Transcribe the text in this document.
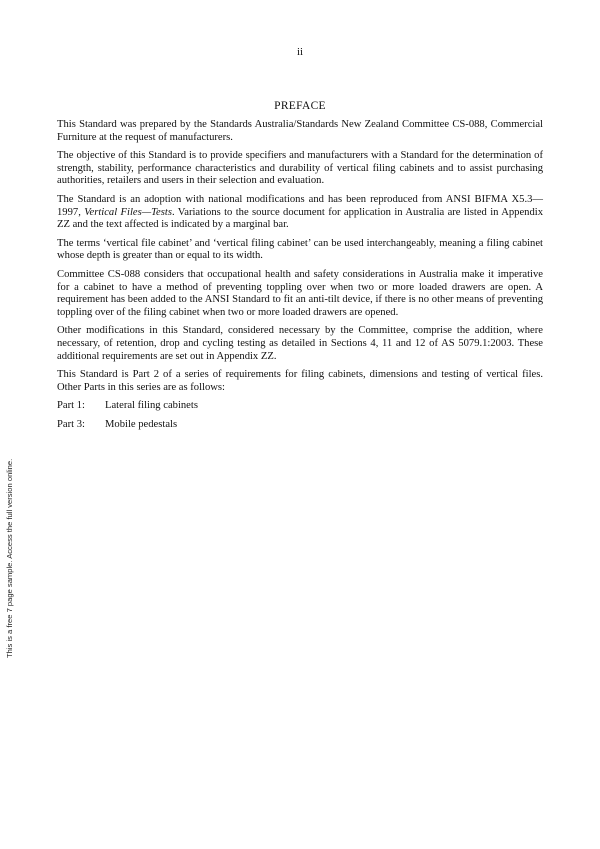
ii
This is a free 7 page sample. Access the full version online.
PREFACE

This Standard was prepared by the Standards Australia/Standards New Zealand Committee CS-088, Commercial Furniture at the request of manufacturers.

The objective of this Standard is to provide specifiers and manufacturers with a Standard for the determination of strength, stability, performance characteristics and durability of vertical filing cabinets and to assist purchasing authorities, retailers and users in their selection and evaluation.

The Standard is an adoption with national modifications and has been reproduced from ANSI BIFMA X5.3—1997, Vertical Files—Tests. Variations to the source document for application in Australia are listed in Appendix ZZ and the text affected is indicated by a marginal bar.

The terms ‘vertical file cabinet’ and ‘vertical filing cabinet’ can be used interchangeably, meaning a filing cabinet whose depth is greater than or equal to its width.

Committee CS-088 considers that occupational health and safety considerations in Australia make it imperative for a cabinet to have a method of preventing toppling over when two or more loaded drawers are open. A requirement has been added to the ANSI Standard to fit an anti-tilt device, if there is no other means of preventing toppling over of the filing cabinet when two or more loaded drawers are opened.

Other modifications in this Standard, considered necessary by the Committee, comprise the addition, where necessary, of retention, drop and cycling testing as detailed in Sections 4, 11 and 12 of AS 5079.1:2003. These additional requirements are set out in Appendix ZZ.

This Standard is Part 2 of a series of requirements for filing cabinets, dimensions and testing of vertical files. Other Parts in this series are as follows:

Part 1:	Lateral filing cabinets
Part 3:	Mobile pedestals
